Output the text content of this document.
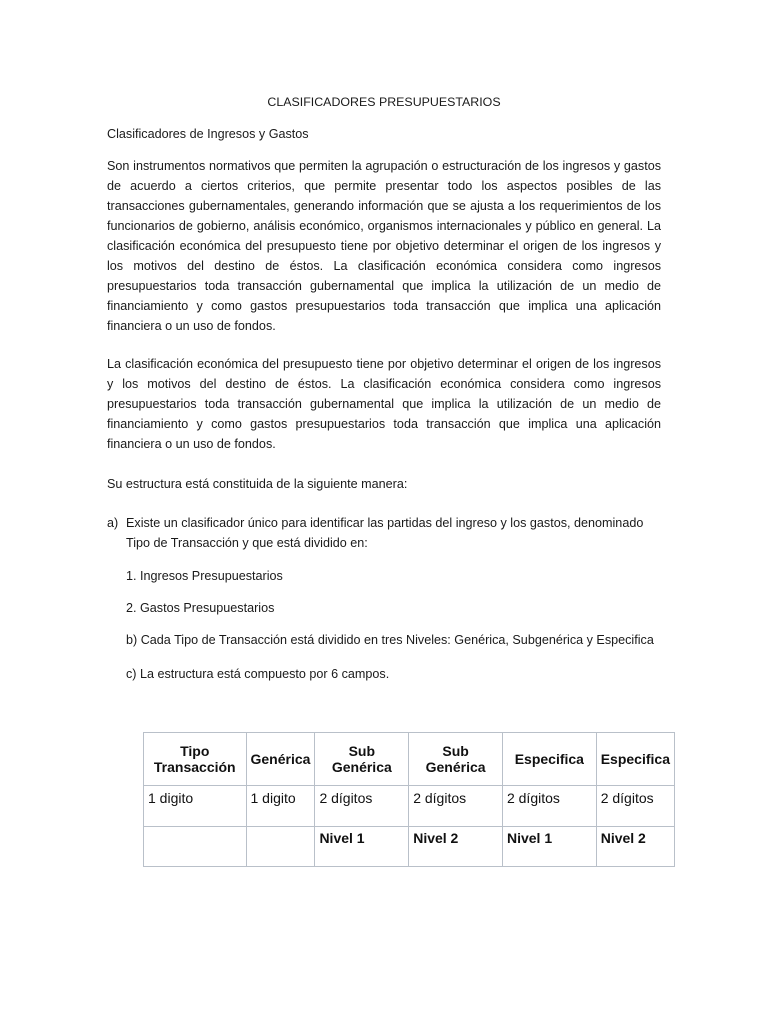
CLASIFICADORES PRESUPUESTARIOS

Clasificadores de Ingresos y Gastos

Son instrumentos normativos que permiten la agrupación o estructuración de los ingresos y gastos de acuerdo a ciertos criterios, que permite presentar todo los aspectos posibles de las transacciones gubernamentales, generando información que se ajusta a los requerimientos de los funcionarios de gobierno, análisis económico, organismos internacionales y público en general. La clasificación económica del presupuesto tiene por objetivo determinar el origen de los ingresos y los motivos del destino de éstos. La clasificación económica considera como ingresos presupuestarios toda transacción gubernamental que implica la utilización de un medio de financiamiento y como gastos presupuestarios toda transacción que implica una aplicación financiera o un uso de fondos.

La clasificación económica del presupuesto tiene por objetivo determinar el origen de los ingresos y los motivos del destino de éstos. La clasificación económica considera como ingresos presupuestarios toda transacción gubernamental que implica la utilización de un medio de financiamiento y como gastos presupuestarios toda transacción que implica una aplicación financiera o un uso de fondos.

Su estructura está constituida de la siguiente manera:

a) Existe un clasificador único para identificar las partidas del ingreso y los gastos, denominado Tipo de Transacción y que está dividido en:

1. Ingresos Presupuestarios

2. Gastos Presupuestarios

b) Cada Tipo de Transacción está dividido en tres Niveles: Genérica, Subgenérica y Especifica

c) La estructura está compuesto por 6 campos.

Tipo Transacción	Genérica	Sub Genérica	Sub Genérica	Especifica	Especifica
1 digito	1 digito	2 dígitos	2 dígitos	2 dígitos	2 dígitos
		Nivel 1	Nivel 2	Nivel 1	Nivel 2
